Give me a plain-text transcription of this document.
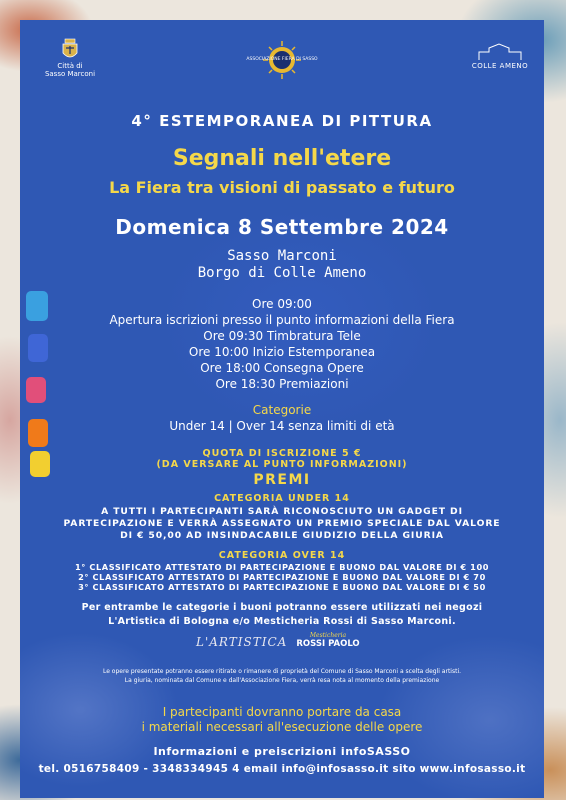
Città di
Sasso Marconi
ASSOCIAZIONE FIERA DI SASSO
COLLE AMENO
4° ESTEMPORANEA DI PITTURA
Segnali nell'etere
La Fiera tra visioni di passato e futuro
Domenica 8 Settembre 2024
Sasso Marconi
Borgo di Colle Ameno
Ore 09:00
Apertura iscrizioni presso il punto informazioni della Fiera
Ore 09:30 Timbratura Tele
Ore 10:00 Inizio Estemporanea
Ore 18:00 Consegna Opere
Ore 18:30 Premiazioni
Categorie
Under 14 | Over 14 senza limiti di età
QUOTA DI ISCRIZIONE 5 €
(DA VERSARE AL PUNTO INFORMAZIONI)
PREMI
CATEGORIA UNDER 14
A TUTTI I PARTECIPANTI SARÀ RICONOSCIUTO UN GADGET DI
PARTECIPAZIONE E VERRÀ ASSEGNATO UN PREMIO SPECIALE DAL VALORE
DI € 50,00 AD INSINDACABILE GIUDIZIO DELLA GIURIA
CATEGORIA OVER 14
1° CLASSIFICATO ATTESTATO DI PARTECIPAZIONE E BUONO DAL VALORE DI € 100
2° CLASSIFICATO ATTESTATO DI PARTECIPAZIONE E BUONO DAL VALORE DI € 70
3° CLASSIFICATO ATTESTATO DI PARTECIPAZIONE E BUONO DAL VALORE DI € 50
Per entrambe le categorie i buoni potranno essere utilizzati nei negozi
L'Artistica di Bologna e/o Mesticheria Rossi di Sasso Marconi.
L'ARTISTICA	Mesticheria
ROSSI PAOLO
Le opere presentate potranno essere ritirate o rimanere di proprietà del Comune di Sasso Marconi a scelta degli artisti.
La giuria, nominata dal Comune e dall'Associazione Fiera, verrà resa nota al momento della premiazione
I partecipanti dovranno portare da casa
i materiali necessari all'esecuzione delle opere
Informazioni e preiscrizioni infoSASSO
tel. 0516758409 - 3348334945 4 email info@infosasso.it sito www.infosasso.it
